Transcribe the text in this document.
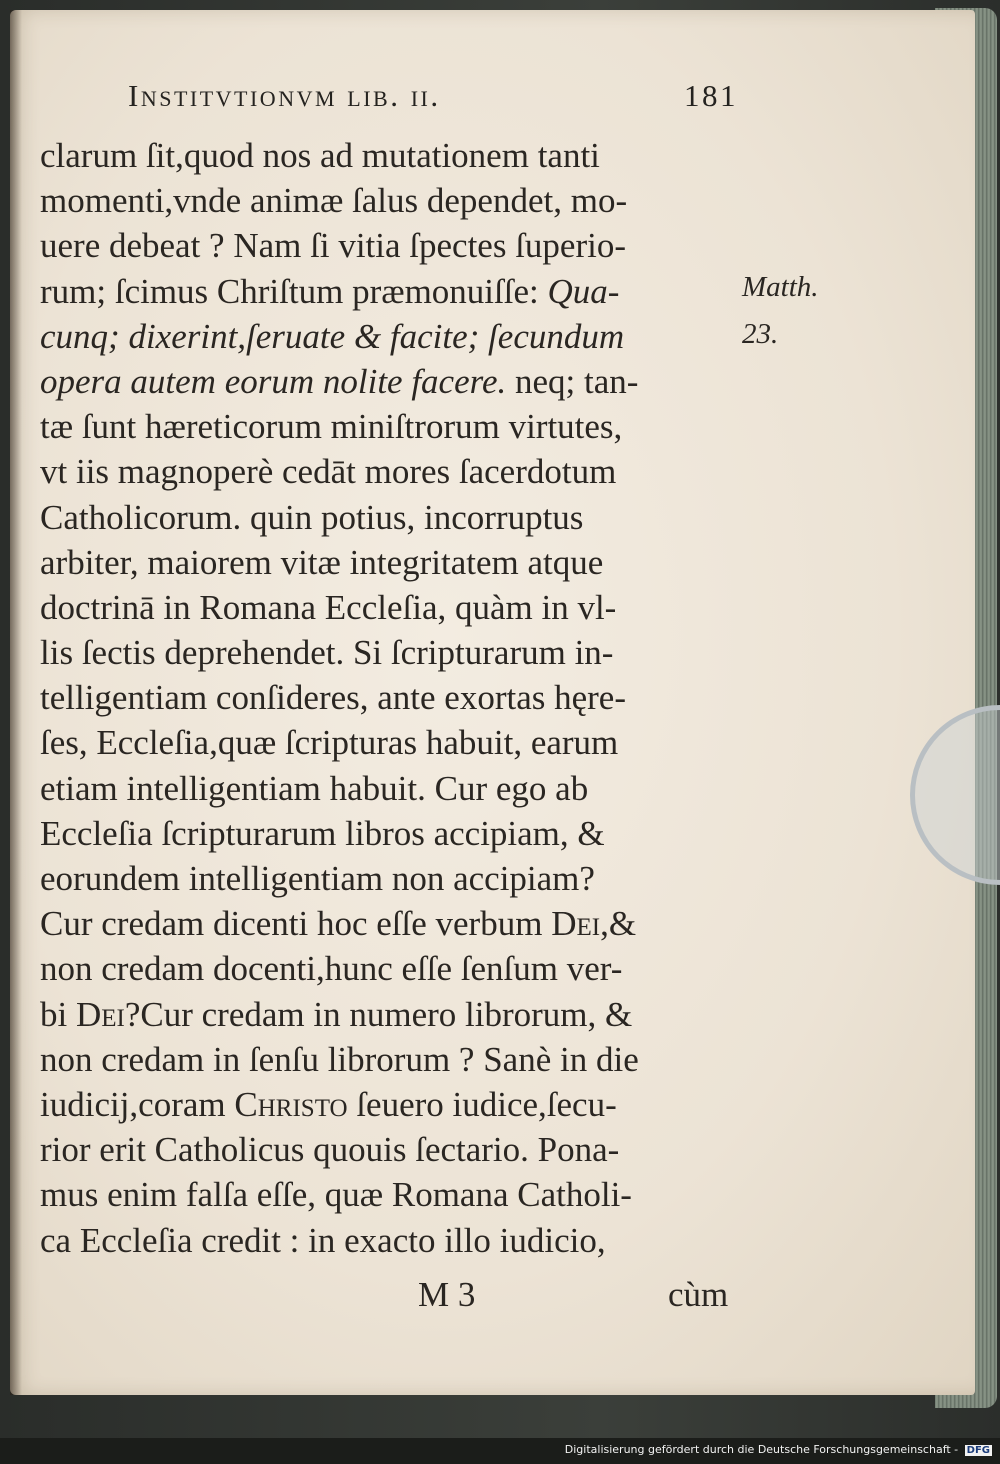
Institvtionvm lib. ii.	181
clarum ſit,quod nos ad mutationem tanti
momenti,vnde animæ ſalus dependet, mo-
uere debeat ? Nam ſi vitia ſpectes ſuperio-
rum; ſcimus Chriſtum præmonuiſſe: Qua-
cunq; dixerint,ſeruate & facite; ſecundum
opera autem eorum nolite facere. neq; tan-
tæ ſunt hæreticorum miniſtrorum virtutes,
vt iis magnoperè cedāt mores ſacerdotum
Catholicorum. quin potius, incorruptus
arbiter, maiorem vitæ integritatem atque
doctrinā in Romana Eccleſia, quàm in vl-
lis ſectis deprehendet. Si ſcripturarum in-
telligentiam conſideres, ante exortas hęre-
ſes, Eccleſia,quæ ſcripturas habuit, earum
etiam intelligentiam habuit. Cur ego ab
Eccleſia ſcripturarum libros accipiam, &
eorundem intelligentiam non accipiam?
Cur credam dicenti hoc eſſe verbum Dei,&
non credam docenti,hunc eſſe ſenſum ver-
bi Dei?Cur credam in numero librorum, &
non credam in ſenſu librorum ? Sanè in die
iudicij,coram Christo ſeuero iudice,ſecu-
rior erit Catholicus quouis ſectario. Pona-
mus enim falſa eſſe, quæ Romana Catholi-
ca Eccleſia credit : in exacto illo iudicio,
Matth.
23.
M 3	cùm
Digitalisierung gefördert durch die Deutsche Forschungsgemeinschaft - DFG
